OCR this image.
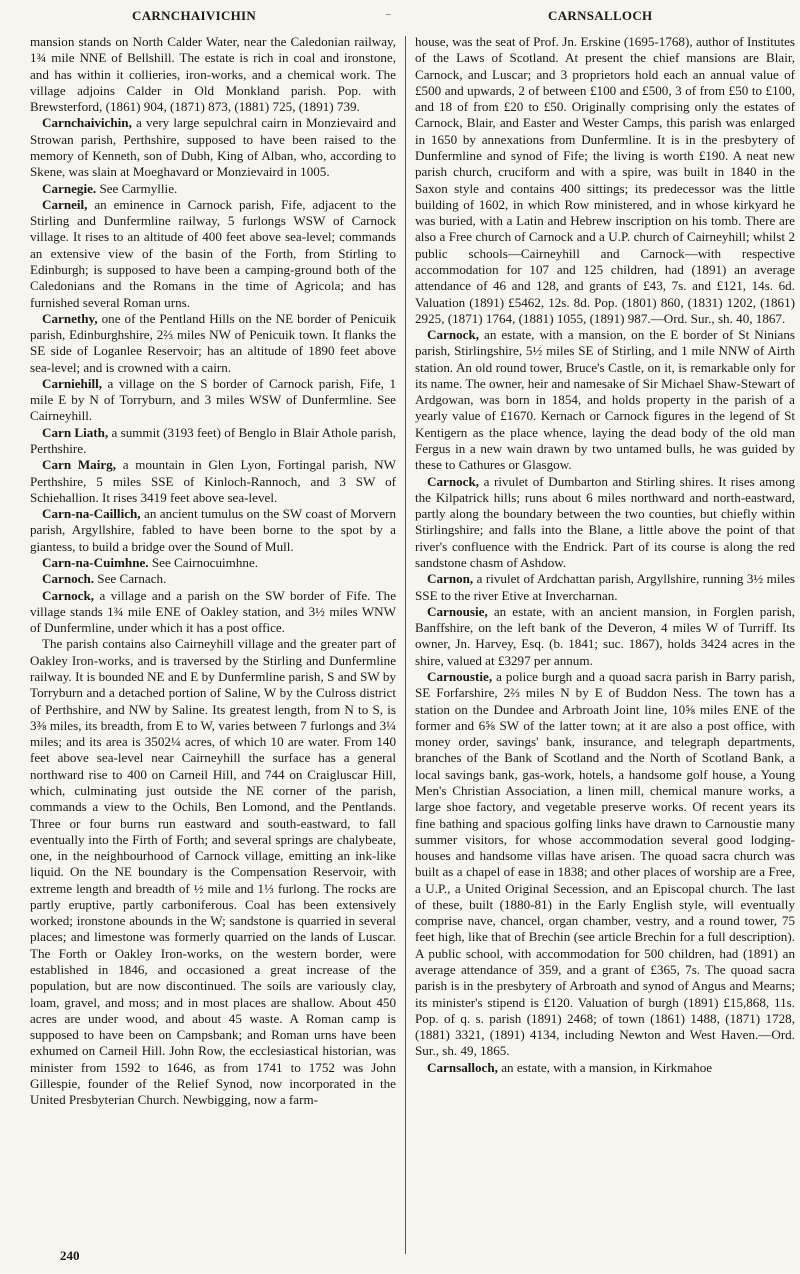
CARNCHAIVICHIN	~	CARNSALLOCH

mansion stands on North Calder Water, near the Caledonian railway, 1¾ mile NNE of Bellshill. The estate is rich in coal and ironstone, and has within it collieries, iron-works, and a chemical work. The village adjoins Calder in Old Monkland parish. Pop. with Brewsterford, (1861) 904, (1871) 873, (1881) 725, (1891) 739.

Carnchaivichin, a very large sepulchral cairn in Monzievaird and Strowan parish, Perthshire, supposed to have been raised to the memory of Kenneth, son of Dubh, King of Alban, who, according to Skene, was slain at Moeghavard or Monzievaird in 1005.

Carnegie. See Carmyllie.

Carneil, an eminence in Carnock parish, Fife, adjacent to the Stirling and Dunfermline railway, 5 furlongs WSW of Carnock village. It rises to an altitude of 400 feet above sea-level; commands an extensive view of the basin of the Forth, from Stirling to Edinburgh; is supposed to have been a camping-ground both of the Caledonians and the Romans in the time of Agricola; and has furnished several Roman urns.

Carnethy, one of the Pentland Hills on the NE border of Penicuik parish, Edinburghshire, 2⅔ miles NW of Penicuik town. It flanks the SE side of Loganlee Reservoir; has an altitude of 1890 feet above sea-level; and is crowned with a cairn.

Carniehill, a village on the S border of Carnock parish, Fife, 1 mile E by N of Torryburn, and 3 miles WSW of Dunfermline. See Cairneyhill.

Carn Liath, a summit (3193 feet) of Benglo in Blair Athole parish, Perthshire.

Carn Mairg, a mountain in Glen Lyon, Fortingal parish, NW Perthshire, 5 miles SSE of Kinloch-Rannoch, and 3 SW of Schiehallion. It rises 3419 feet above sea-level.

Carn-na-Caillich, an ancient tumulus on the SW coast of Morvern parish, Argyllshire, fabled to have been borne to the spot by a giantess, to build a bridge over the Sound of Mull.

Carn-na-Cuimhne. See Cairnocuimhne.

Carnoch. See Carnach.

Carnock, a village and a parish on the SW border of Fife. The village stands 1¾ mile ENE of Oakley station, and 3½ miles WNW of Dunfermline, under which it has a post office.

The parish contains also Cairneyhill village and the greater part of Oakley Iron-works, and is traversed by the Stirling and Dunfermline railway. It is bounded NE and E by Dunfermline parish, S and SW by Torryburn and a detached portion of Saline, W by the Culross district of Perthshire, and NW by Saline. Its greatest length, from N to S, is 3⅜ miles, its breadth, from E to W, varies between 7 furlongs and 3¼ miles; and its area is 3502¼ acres, of which 10 are water. From 140 feet above sea-level near Cairneyhill the surface has a general northward rise to 400 on Carneil Hill, and 744 on Craigluscar Hill, which, culminating just outside the NE corner of the parish, commands a view to the Ochils, Ben Lomond, and the Pentlands. Three or four burns run eastward and south-eastward, to fall eventually into the Firth of Forth; and several springs are chalybeate, one, in the neighbourhood of Carnock village, emitting an ink-like liquid. On the NE boundary is the Compensation Reservoir, with extreme length and breadth of ½ mile and 1⅓ furlong. The rocks are partly eruptive, partly carboniferous. Coal has been extensively worked; ironstone abounds in the W; sandstone is quarried in several places; and limestone was formerly quarried on the lands of Luscar. The Forth or Oakley Iron-works, on the western border, were established in 1846, and occasioned a great increase of the population, but are now discontinued. The soils are variously clay, loam, gravel, and moss; and in most places are shallow. About 450 acres are under wood, and about 45 waste. A Roman camp is supposed to have been on Campsbank; and Roman urns have been exhumed on Carneil Hill. John Row, the ecclesiastical historian, was minister from 1592 to 1646, as from 1741 to 1752 was John Gillespie, founder of the Relief Synod, now incorporated in the United Presbyterian Church. Newbigging, now a farm-

house, was the seat of Prof. Jn. Erskine (1695-1768), author of Institutes of the Laws of Scotland. At present the chief mansions are Blair, Carnock, and Luscar; and 3 proprietors hold each an annual value of £500 and upwards, 2 of between £100 and £500, 3 of from £50 to £100, and 18 of from £20 to £50. Originally comprising only the estates of Carnock, Blair, and Easter and Wester Camps, this parish was enlarged in 1650 by annexations from Dunfermline. It is in the presbytery of Dunfermline and synod of Fife; the living is worth £190. A neat new parish church, cruciform and with a spire, was built in 1840 in the Saxon style and contains 400 sittings; its predecessor was the little building of 1602, in which Row ministered, and in whose kirkyard he was buried, with a Latin and Hebrew inscription on his tomb. There are also a Free church of Carnock and a U.P. church of Cairneyhill; whilst 2 public schools—Cairneyhill and Carnock—with respective accommodation for 107 and 125 children, had (1891) an average attendance of 46 and 128, and grants of £43, 7s. and £121, 14s. 6d. Valuation (1891) £5462, 12s. 8d. Pop. (1801) 860, (1831) 1202, (1861) 2925, (1871) 1764, (1881) 1055, (1891) 987.—Ord. Sur., sh. 40, 1867.

Carnock, an estate, with a mansion, on the E border of St Ninians parish, Stirlingshire, 5½ miles SE of Stirling, and 1 mile NNW of Airth station. An old round tower, Bruce's Castle, on it, is remarkable only for its name. The owner, heir and namesake of Sir Michael Shaw-Stewart of Ardgowan, was born in 1854, and holds property in the parish of a yearly value of £1670. Kernach or Carnock figures in the legend of St Kentigern as the place whence, laying the dead body of the old man Fergus in a new wain drawn by two untamed bulls, he was guided by these to Cathures or Glasgow.

Carnock, a rivulet of Dumbarton and Stirling shires. It rises among the Kilpatrick hills; runs about 6 miles northward and north-eastward, partly along the boundary between the two counties, but chiefly within Stirlingshire; and falls into the Blane, a little above the point of that river's confluence with the Endrick. Part of its course is along the red sandstone chasm of Ashdow.

Carnon, a rivulet of Ardchattan parish, Argyllshire, running 3½ miles SSE to the river Etive at Invercharnan.

Carnousie, an estate, with an ancient mansion, in Forglen parish, Banffshire, on the left bank of the Deveron, 4 miles W of Turriff. Its owner, Jn. Harvey, Esq. (b. 1841; suc. 1867), holds 3424 acres in the shire, valued at £3297 per annum.

Carnoustie, a police burgh and a quoad sacra parish in Barry parish, SE Forfarshire, 2⅔ miles N by E of Buddon Ness. The town has a station on the Dundee and Arbroath Joint line, 10⅝ miles ENE of the former and 6⅝ SW of the latter town; at it are also a post office, with money order, savings' bank, insurance, and telegraph departments, branches of the Bank of Scotland and the North of Scotland Bank, a local savings bank, gas-work, hotels, a handsome golf house, a Young Men's Christian Association, a linen mill, chemical manure works, a large shoe factory, and vegetable preserve works. Of recent years its fine bathing and spacious golfing links have drawn to Carnoustie many summer visitors, for whose accommodation several good lodging-houses and handsome villas have arisen. The quoad sacra church was built as a chapel of ease in 1838; and other places of worship are a Free, a U.P., a United Original Secession, and an Episcopal church. The last of these, built (1880-81) in the Early English style, will eventually comprise nave, chancel, organ chamber, vestry, and a round tower, 75 feet high, like that of Brechin (see article Brechin for a full description). A public school, with accommodation for 500 children, had (1891) an average attendance of 359, and a grant of £365, 7s. The quoad sacra parish is in the presbytery of Arbroath and synod of Angus and Mearns; its minister's stipend is £120. Valuation of burgh (1891) £15,868, 11s. Pop. of q. s. parish (1891) 2468; of town (1861) 1488, (1871) 1728, (1881) 3321, (1891) 4134, including Newton and West Haven.—Ord. Sur., sh. 49, 1865.

Carnsalloch, an estate, with a mansion, in Kirkmahoe

240
